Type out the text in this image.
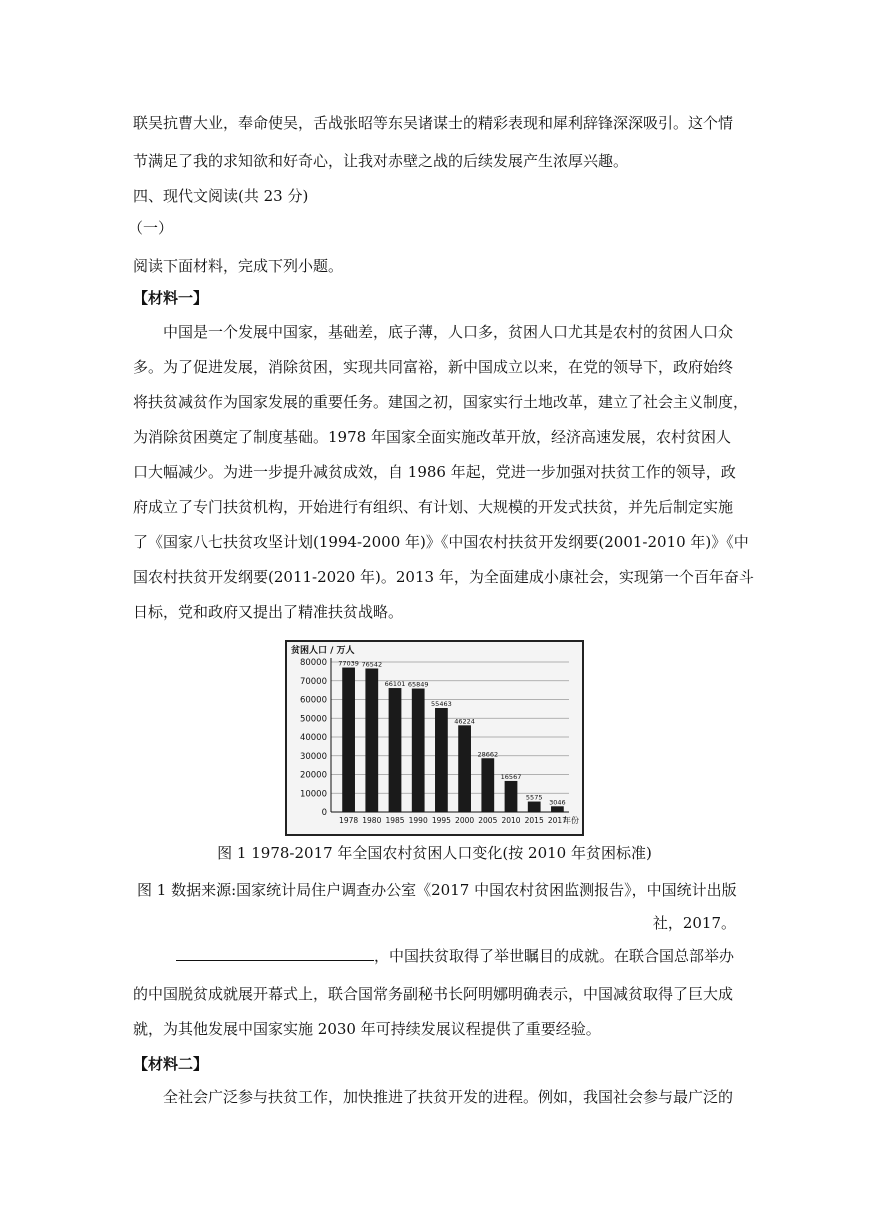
联吴抗曹大业，奉命使吴，舌战张昭等东吴诸谋士的精彩表现和犀利辞锋深深吸引。这个情
节满足了我的求知欲和好奇心，让我对赤壁之战的后续发展产生浓厚兴趣。
四、现代文阅读(共 23 分)
（一）
阅读下面材料，完成下列小题。
【材料一】
中国是一个发展中国家，基础差，底子薄，人口多，贫困人口尤其是农村的贫困人口众
多。为了促进发展，消除贫困，实现共同富裕，新中国成立以来，在党的领导下，政府始终
将扶贫减贫作为国家发展的重要任务。建国之初，国家实行土地改革，建立了社会主义制度，
为消除贫困奠定了制度基础。1978 年国家全面实施改革开放，经济高速发展，农村贫困人
口大幅减少。为进一步提升减贫成效，自 1986 年起，党进一步加强对扶贫工作的领导，政
府成立了专门扶贫机构，开始进行有组织、有计划、大规模的开发式扶贫，并先后制定实施
了《国家八七扶贫攻坚计划(1994-2000 年)》《中国农村扶贫开发纲要(2001-2010 年)》《中
国农村扶贫开发纲要(2011-2020 年)。2013 年，为全面建成小康社会，实现第一个百年奋斗
日标，党和政府又提出了精准扶贫战略。
贫困人口 / 万人
0
10000
20000
30000
40000
50000
60000
70000
80000 77039
1978
76542
1980
66101
1985
65849
1990
55463
1995
46224
2000
28662
2005
16567
2010
5575
2015
3046
2017
年份
图 1 1978-2017 年全国农村贫困人口变化(按 2010 年贫困标准)
图 1 数据来源:国家统计局住户调查办公室《2017 中国农村贫困监测报告》，中国统计出版
社，2017。
，中国扶贫取得了举世瞩目的成就。在联合国总部举办
的中国脱贫成就展开幕式上，联合国常务副秘书长阿明娜明确表示，中国减贫取得了巨大成
就，为其他发展中国家实施 2030 年可持续发展议程提供了重要经验。
【材料二】
全社会广泛参与扶贫工作，加快推进了扶贫开发的进程。例如，我国社会参与最广泛的
